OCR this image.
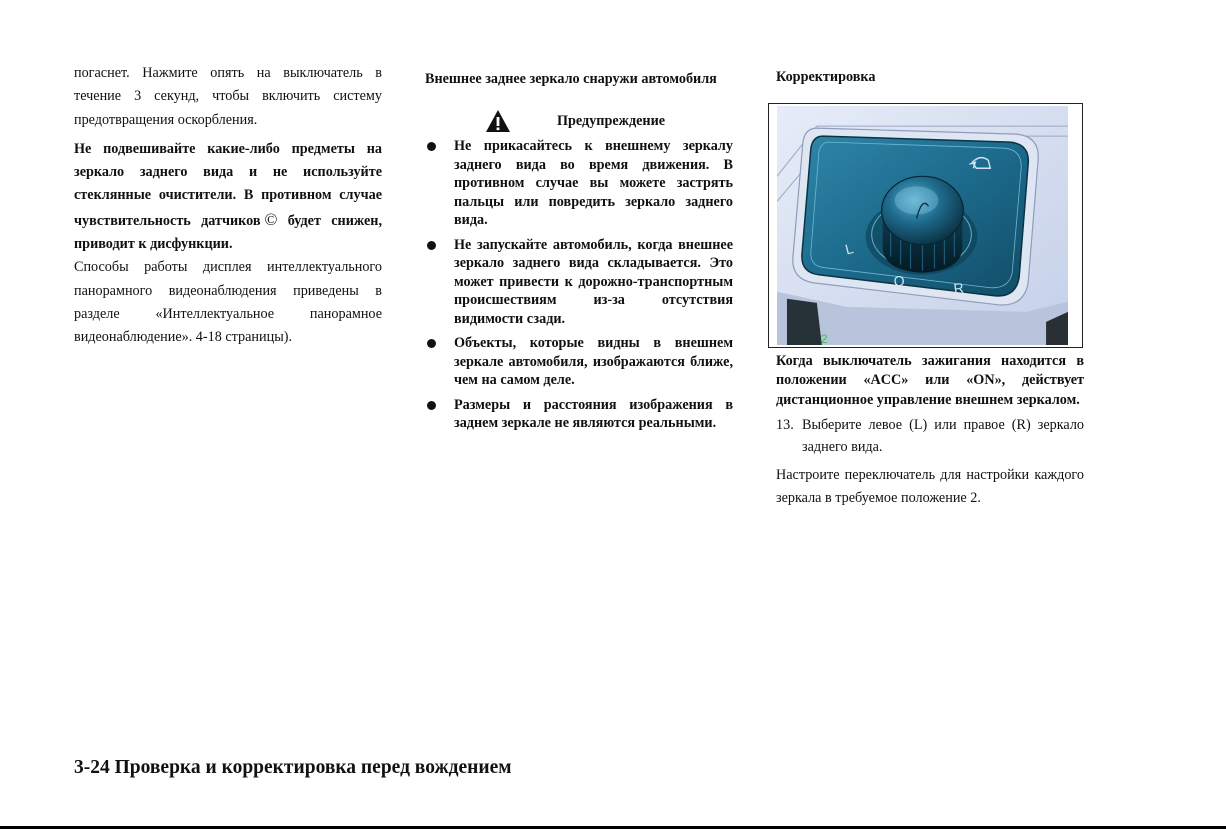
погаснет. Нажмите опять на выключатель в течение 3 секунд, чтобы включить систему предотвращения оскорбления.

Не подвешивайте какие-либо предметы на зеркало заднего вида и не используйте стеклянные очистители. В противном случае чувствительность датчиков © будет снижен, приводит к дисфункции.

Способы работы дисплея интеллектуального панорамного видеонаблюдения приведены в разделе «Интеллектуальное панорамное видеонаблюдение». 4-18 страницы).

Внешнее заднее зеркало снаружи автомобиля

Предупреждение
Не прикасайтесь к внешнему зеркалу заднего вида во время движения. В противном случае вы можете застрять пальцы или повредить зеркало заднего вида.
Не запускайте автомобиль, когда внешнее зеркало заднего вида складывается. Это может привести к дорожно-транспортным происшествиям из-за отсутствия видимости сзади.
Объекты, которые видны в внешнем зеркале автомобиля, изображаются ближе, чем на самом деле.
Размеры и расстояния изображения в заднем зеркале не являются реальными.

Корректировка

2
L
O	R

Когда выключатель зажигания находится в положении «ACC» или «ON», действует дистанционное управление внешнем зеркалом.

13. Выберите левое (L) или правое (R) зеркало заднего вида.

Настроите переключатель для настройки каждого зеркала в требуемое положение 2.

3-24 Проверка и корректировка перед вождением
